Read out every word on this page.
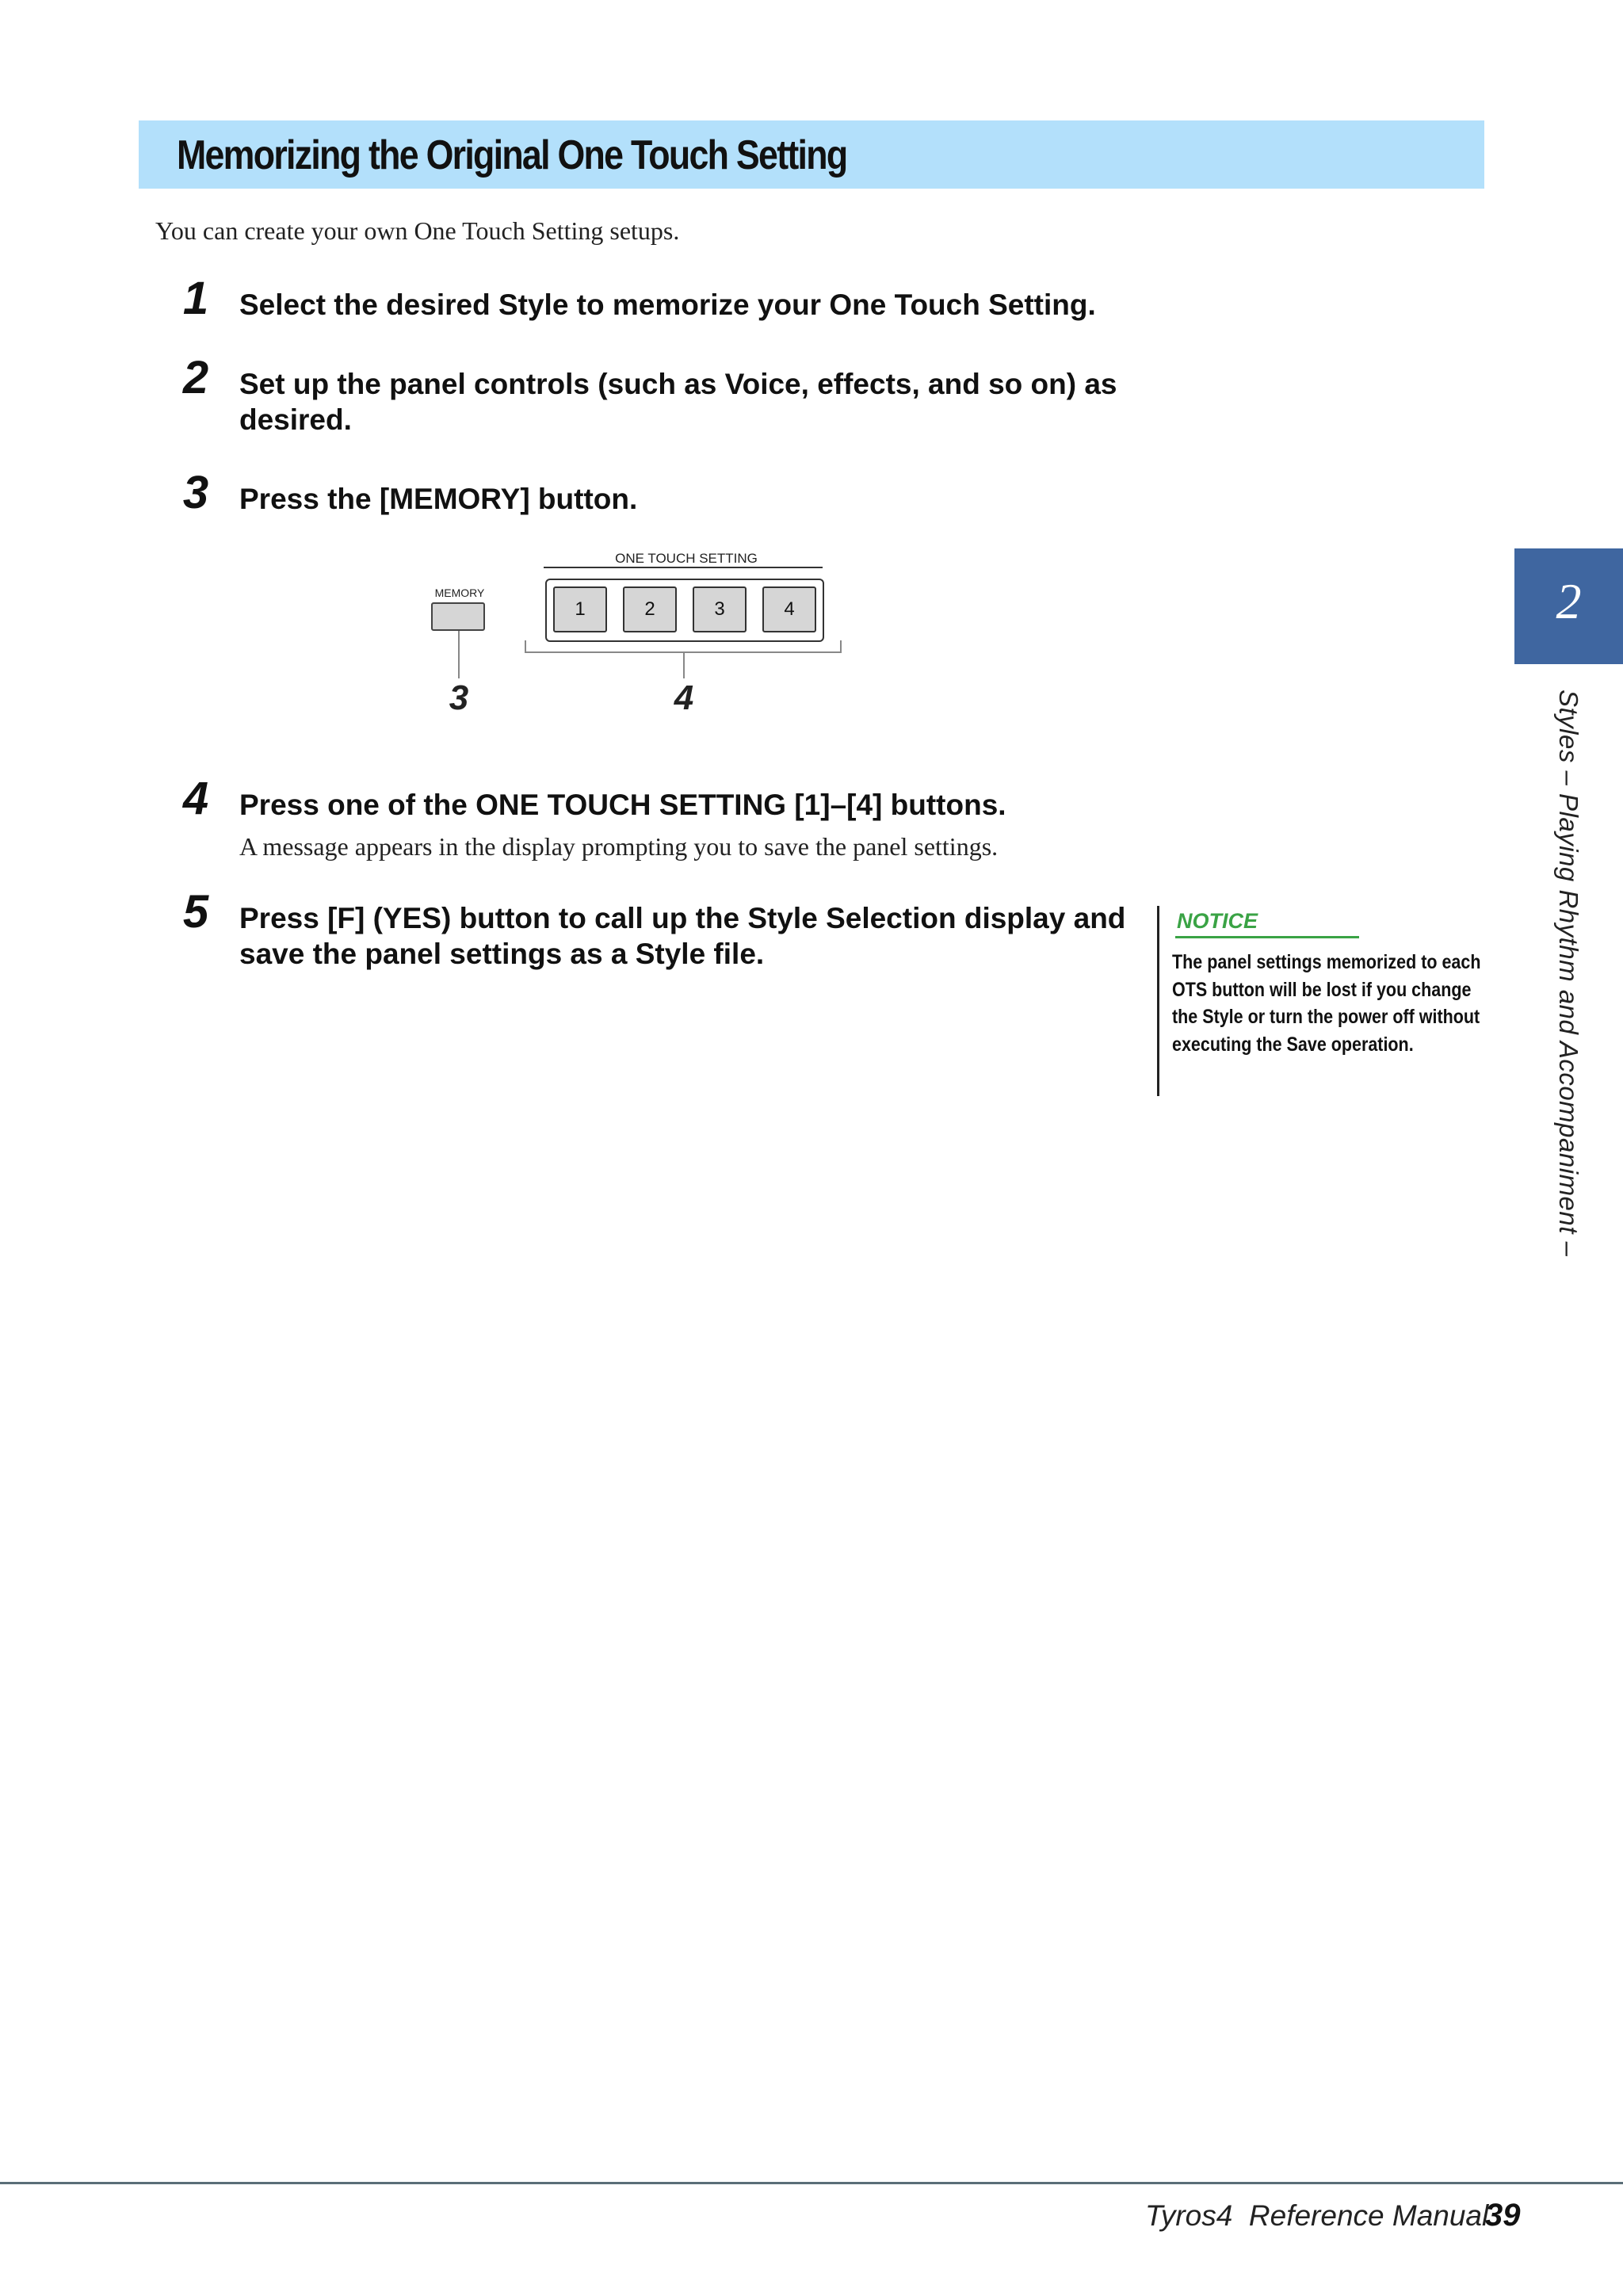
Memorizing the Original One Touch Setting
You can create your own One Touch Setting setups.
1	Select the desired Style to memorize your One Touch Setting.
2	Set up the panel controls (such as Voice, effects, and so on) as desired.
3	Press the [MEMORY] button.
ONE TOUCH SETTING
MEMORY
1	2	3	4
3	4
4	Press one of the ONE TOUCH SETTING [1]–[4] buttons.
A message appears in the display prompting you to save the panel settings.
5	Press [F] (YES) button to call up the Style Selection display and save the panel settings as a Style file.
NOTICE
The panel settings memorized to each OTS button will be lost if you change the Style or turn the power off without executing the Save operation.
2
Styles – Playing Rhythm and Accompaniment –
Tyros4  Reference Manual
39
